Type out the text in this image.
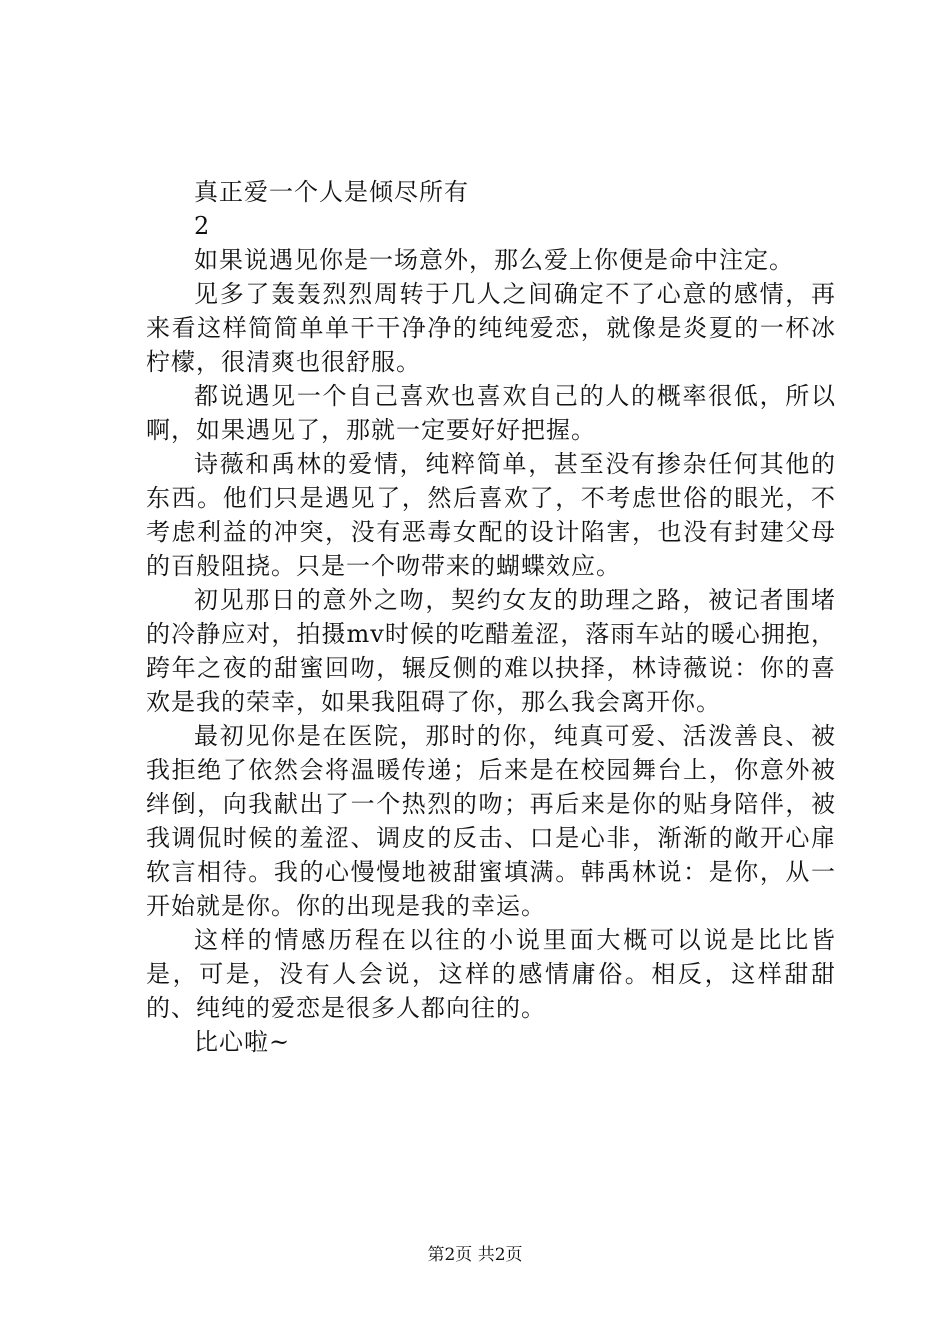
真正爱一个人是倾尽所有

2

如果说遇见你是一场意外，那么爱上你便是命中注定。

见多了轰轰烈烈周转于几人之间确定不了心意的感情，再来看这样简简单单干干净净的纯纯爱恋，就像是炎夏的一杯冰柠檬，很清爽也很舒服。

都说遇见一个自己喜欢也喜欢自己的人的概率很低，所以啊，如果遇见了，那就一定要好好把握。

诗薇和禹林的爱情，纯粹简单，甚至没有掺杂任何其他的东西。他们只是遇见了，然后喜欢了，不考虑世俗的眼光，不考虑利益的冲突，没有恶毒女配的设计陷害，也没有封建父母的百般阻挠。只是一个吻带来的蝴蝶效应。

初见那日的意外之吻，契约女友的助理之路，被记者围堵的冷静应对，拍摄mv时候的吃醋羞涩，落雨车站的暖心拥抱，跨年之夜的甜蜜回吻，辗反侧的难以抉择，林诗薇说：你的喜欢是我的荣幸，如果我阻碍了你，那么我会离开你。

最初见你是在医院，那时的你，纯真可爱、活泼善良、被我拒绝了依然会将温暖传递；后来是在校园舞台上，你意外被绊倒，向我献出了一个热烈的吻；再后来是你的贴身陪伴，被我调侃时候的羞涩、调皮的反击、口是心非，渐渐的敞开心扉软言相待。我的心慢慢地被甜蜜填满。韩禹林说：是你，从一开始就是你。你的出现是我的幸运。

这样的情感历程在以往的小说里面大概可以说是比比皆是，可是，没有人会说，这样的感情庸俗。相反，这样甜甜的、纯纯的爱恋是很多人都向往的。

比心啦~

第2页 共2页
